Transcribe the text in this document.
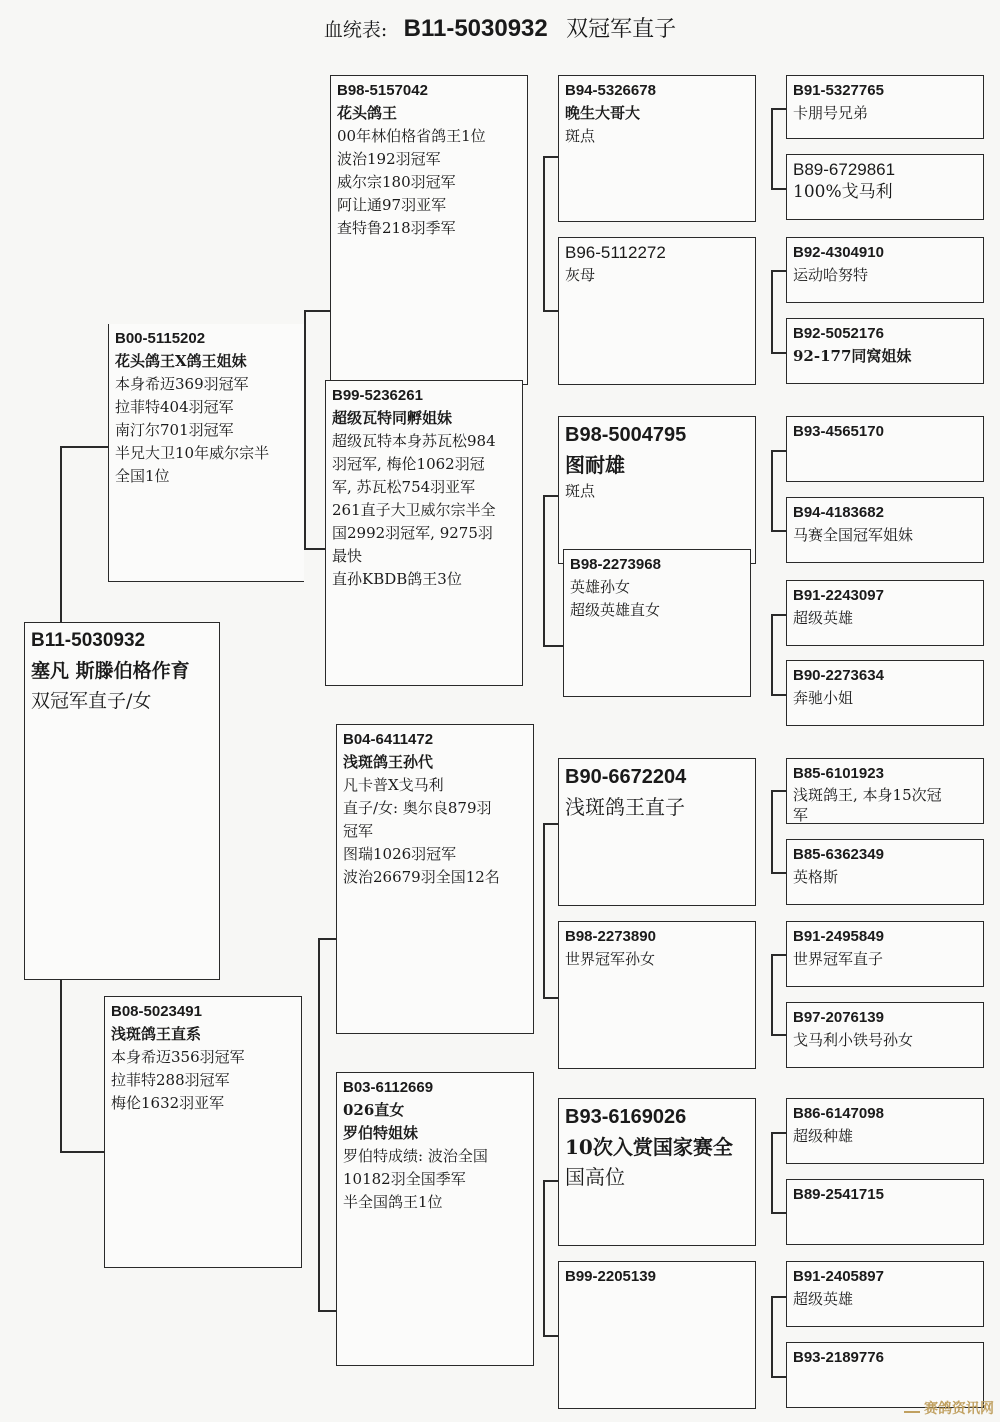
血统表: B11-5030932 双冠军直子
B11-5030932
塞凡 斯滕伯格作育
双冠军直子/女
B00-5115202
花头鸽王X鸽王姐妹
本身希迈369羽冠军
拉菲特404羽冠军
南汀尔701羽冠军
半兄大卫10年威尔宗半
全国1位
B08-5023491
浅斑鸽王直系
本身希迈356羽冠军
拉菲特288羽冠军
梅伦1632羽亚军
B98-5157042
花头鸽王
00年林伯格省鸽王1位
波治192羽冠军
威尔宗180羽冠军
阿让通97羽亚军
查特鲁218羽季军
B99-5236261
超级瓦特同孵姐妹
超级瓦特本身苏瓦松984
羽冠军, 梅伦1062羽冠
军, 苏瓦松754羽亚军
261直子大卫威尔宗半全
国2992羽冠军, 9275羽
最快
直孙KBDB鸽王3位
B04-6411472
浅斑鸽王孙代
凡卡普X戈马利
直子/女: 奥尔良879羽
冠军
图瑞1026羽冠军
波治26679羽全国12名
B03-6112669
026直女
罗伯特姐妹
罗伯特成绩: 波治全国
10182羽全国季军
半全国鸽王1位
B94-5326678
晚生大哥大
斑点
B96-5112272
灰母
B98-5004795
图耐雄
斑点
B98-2273968
英雄孙女
超级英雄直女
B90-6672204
浅斑鸽王直子
B98-2273890
世界冠军孙女
B93-6169026
10次入赏国家赛全
国高位
B99-2205139
B91-5327765
卡朋号兄弟
B89-6729861
100%戈马利
B92-4304910
运动哈努特
B92-5052176
92-177同窝姐妹
B93-4565170
B94-4183682
马赛全国冠军姐妹
B91-2243097
超级英雄
B90-2273634
奔驰小姐
B85-6101923
浅斑鸽王, 本身15次冠
军
B85-6362349
英格斯
B91-2495849
世界冠军直子
B97-2076139
戈马利小铁号孙女
B86-6147098
超级种雄
B89-2541715
B91-2405897
超级英雄
B93-2189776
赛鸽资讯网
